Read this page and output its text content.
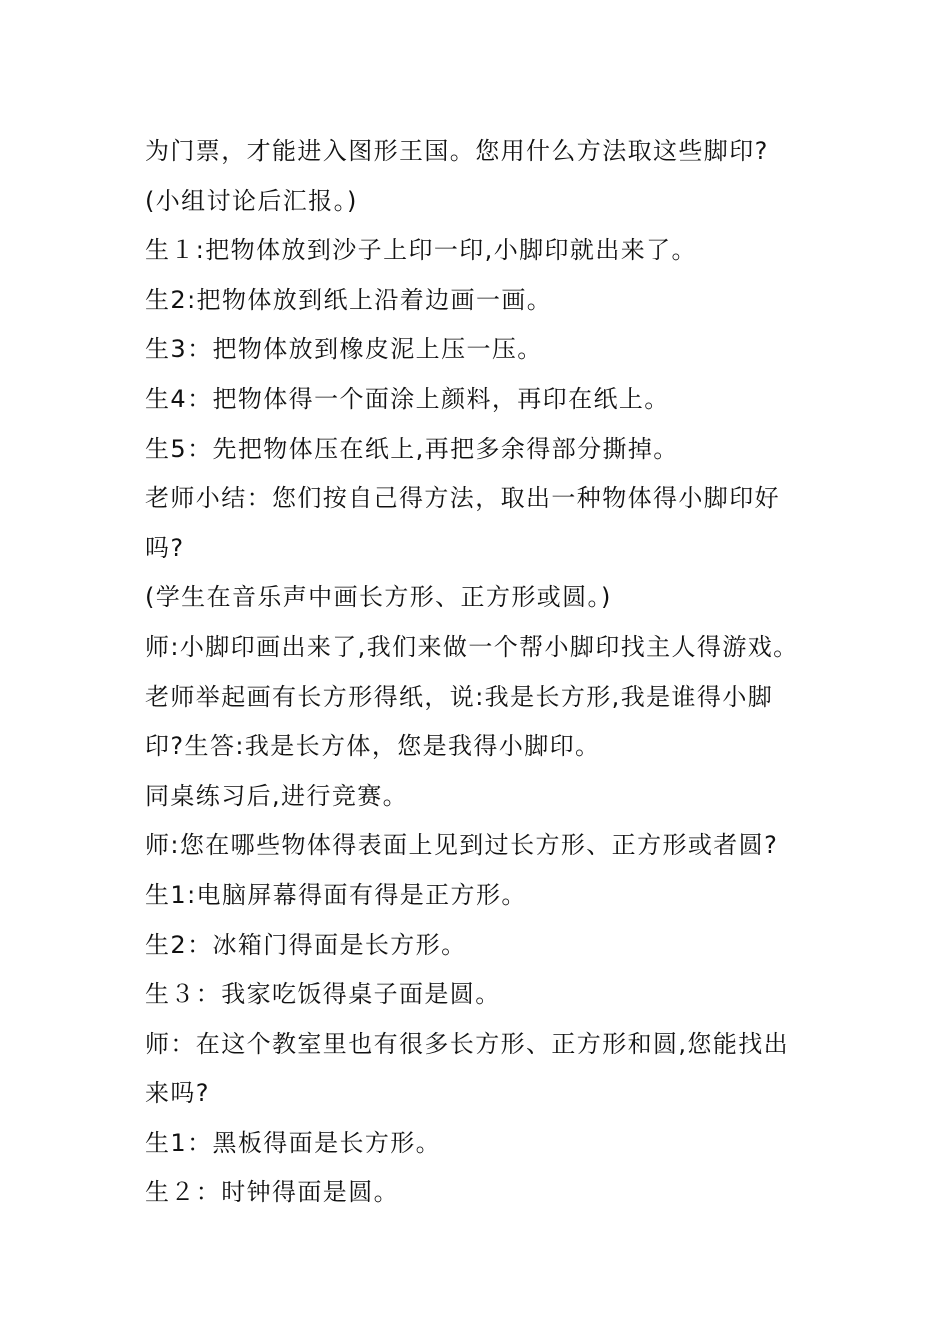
为门票，才能进入图形王国。您用什么方法取这些脚印?
(小组讨论后汇报。)
生１:把物体放到沙子上印一印,小脚印就出来了。
生2:把物体放到纸上沿着边画一画。
生3：把物体放到橡皮泥上压一压。
生4：把物体得一个面涂上颜料，再印在纸上。
生5：先把物体压在纸上,再把多余得部分撕掉。
老师小结：您们按自己得方法，取出一种物体得小脚印好
吗?
(学生在音乐声中画长方形、正方形或圆。)
师:小脚印画出来了,我们来做一个帮小脚印找主人得游戏。
老师举起画有长方形得纸，说:我是长方形,我是谁得小脚
印?生答:我是长方体，您是我得小脚印。
同桌练习后,进行竞赛。
师:您在哪些物体得表面上见到过长方形、正方形或者圆?
生1:电脑屏幕得面有得是正方形。
生2：冰箱门得面是长方形。
生３：我家吃饭得桌子面是圆。
师：在这个教室里也有很多长方形、正方形和圆,您能找出
来吗?
生1：黑板得面是长方形。
生２：时钟得面是圆。
